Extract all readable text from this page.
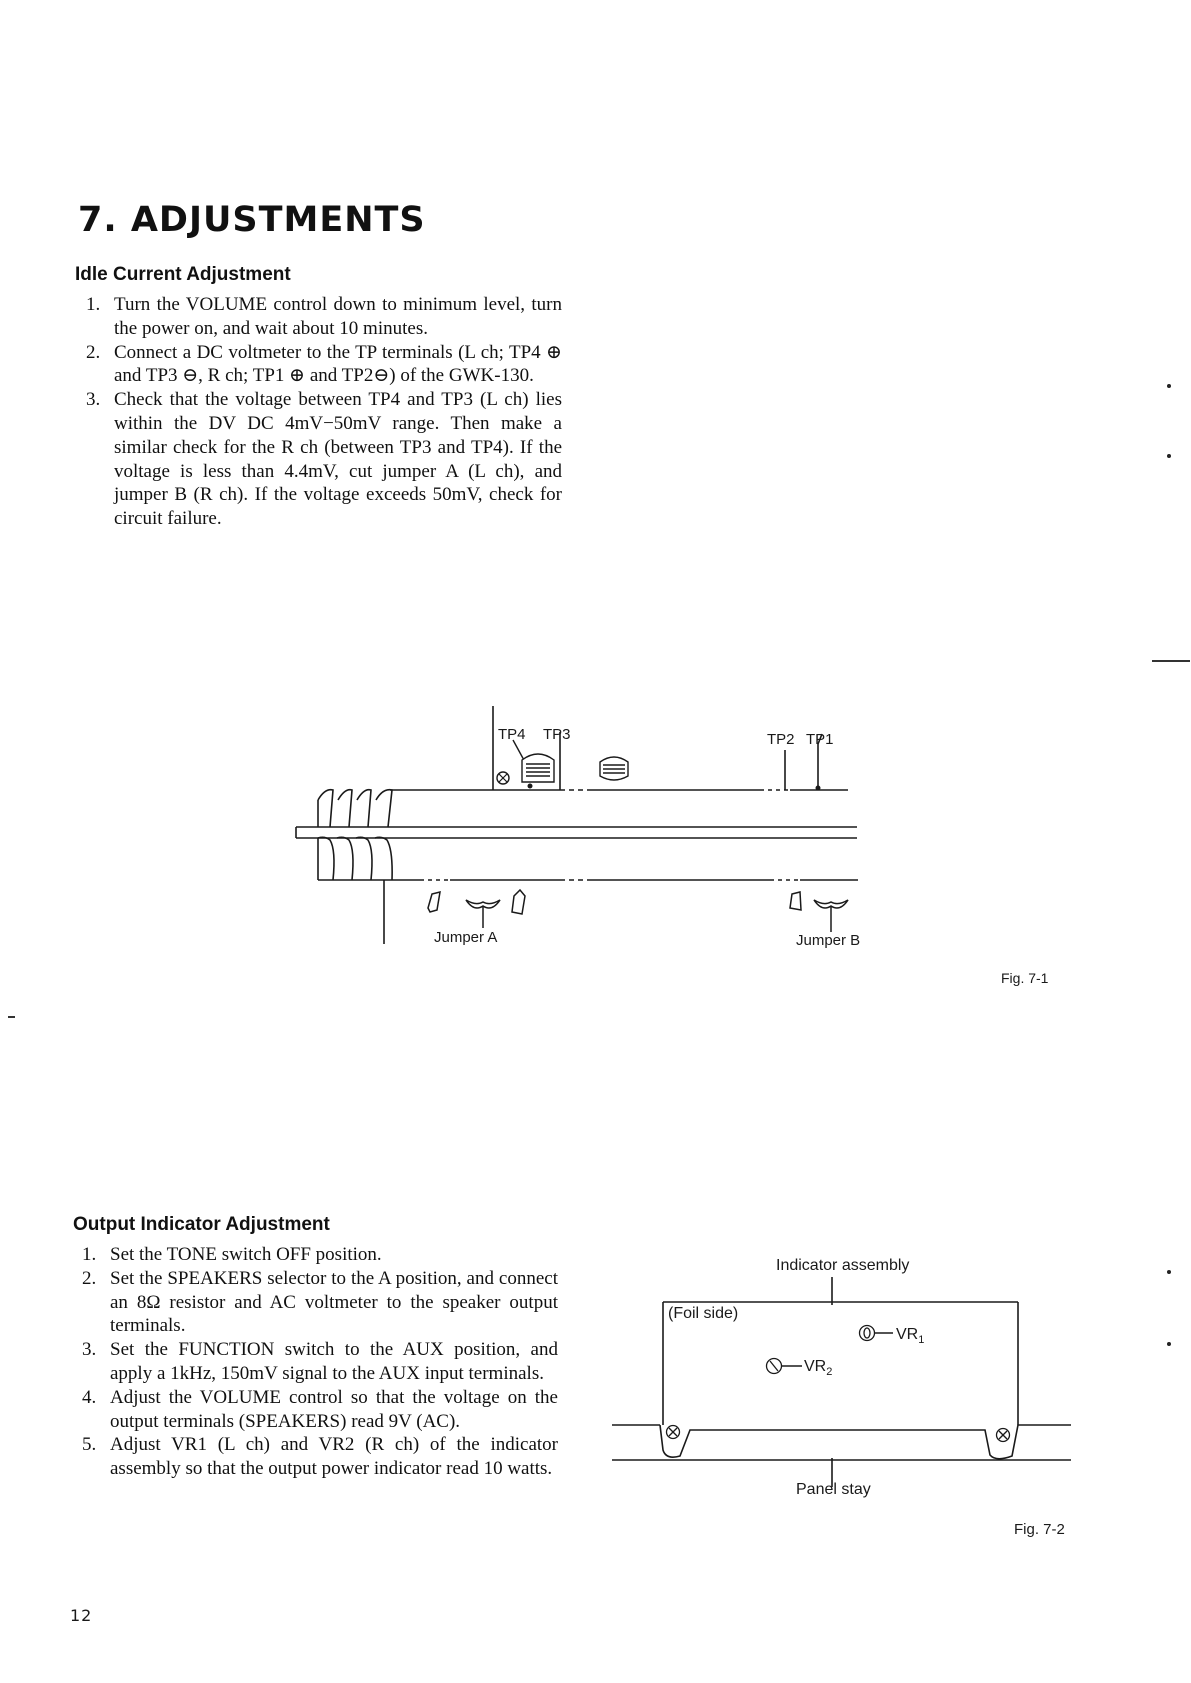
7. ADJUSTMENTS
Idle Current Adjustment
1. Turn the VOLUME control down to minimum level, turn the power on, and wait about 10 minutes.
2. Connect a DC voltmeter to the TP terminals (L ch; TP4 ⊕ and TP3 ⊖, R ch; TP1 ⊕ and TP2⊖) of the GWK-130.
3. Check that the voltage between TP4 and TP3 (L ch) lies within the DV DC 4mV−50mV range. Then make a similar check for the R ch (between TP3 and TP4). If the voltage is less than 4.4mV, cut jumper A (L ch), and jumper B (R ch). If the voltage exceeds 50mV, check for circuit failure.
TP4 TP3	TP2 TP1
Jumper A	Jumper B
Fig. 7-1
Indicator assembly
(Foil side)
$VR_1$
$VR_2$
Panel stay
Fig. 7-2
Output Indicator Adjustment
1. Set the TONE switch OFF position.
2. Set the SPEAKERS selector to the A position, and connect an 8Ω resistor and AC voltmeter to the speaker output terminals.
3. Set the FUNCTION switch to the AUX position, and apply a 1kHz, 150mV signal to the AUX input terminals.
4. Adjust the VOLUME control so that the voltage on the output terminals (SPEAKERS) read 9V (AC).
5. Adjust VR1 (L ch) and VR2 (R ch) of the indicator assembly so that the output power indicator read 10 watts.
12
